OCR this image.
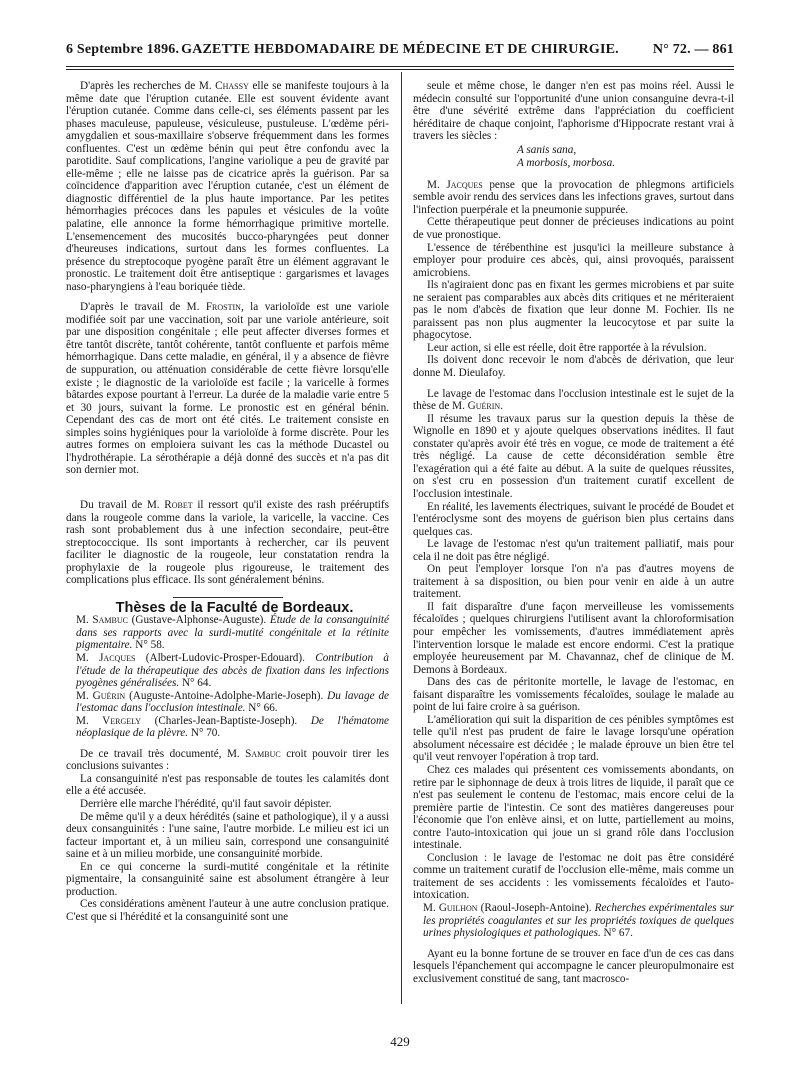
6 Septembre 1896. GAZETTE HEBDOMADAIRE DE MÉDECINE ET DE CHIRURGIE.	N° 72. — 861

D'après les recherches de M. Chassy elle se manifeste toujours à la même date que l'éruption cutanée. Elle est souvent évidente avant l'éruption cutanée. Comme dans celle-ci, ses éléments passent par les phases maculeuse, papuleuse, vésiculeuse, pustuleuse. L'œdème péri-amygdalien et sous-maxillaire s'observe fréquemment dans les formes confluentes. C'est un œdème bénin qui peut être confondu avec la parotidite. Sauf complications, l'angine variolique a peu de gravité par elle-même ; elle ne laisse pas de cicatrice après la guérison. Par sa coïncidence d'apparition avec l'éruption cutanée, c'est un élément de diagnostic différentiel de la plus haute importance. Par les petites hémorrhagies précoces dans les papules et vésicules de la voûte palatine, elle annonce la forme hémorrhagique primitive mortelle. L'ensemencement des mucosités bucco-pharyngées peut donner d'heureuses indications, surtout dans les formes confluentes. La présence du streptocoque pyogène paraît être un élément aggravant le pronostic. Le traitement doit être antiseptique : gargarismes et lavages naso-pharyngiens à l'eau boriquée tiède.

D'après le travail de M. Frostin, la varioloïde est une variole modifiée soit par une vaccination, soit par une variole antérieure, soit par une disposition congénitale ; elle peut affecter diverses formes et être tantôt discrète, tantôt cohérente, tantôt confluente et parfois même hémorrhagique. Dans cette maladie, en général, il y a absence de fièvre de suppuration, ou atténuation considérable de cette fièvre lorsqu'elle existe ; le diagnostic de la varioloïde est facile ; la varicelle à formes bâtardes expose pourtant à l'erreur. La durée de la maladie varie entre 5 et 30 jours, suivant la forme. Le pronostic est en général bénin. Cependant des cas de mort ont été cités. Le traitement consiste en simples soins hygiéniques pour la varioloïde à forme discrète. Pour les autres formes on emploiera suivant les cas la méthode Ducastel ou l'hydrothérapie. La sérothérapie a déjà donné des succès et n'a pas dit son dernier mot.

Du travail de M. Robet il ressort qu'il existe des rash prééruptifs dans la rougeole comme dans la variole, la varicelle, la vaccine. Ces rash sont probablement dus à une infection secondaire, peut-être streptococcique. Ils sont importants à rechercher, car ils peuvent faciliter le diagnostic de la rougeole, leur constatation rendra la prophylaxie de la rougeole plus rigoureuse, le traitement des complications plus efficace. Ils sont généralement bénins.

Thèses de la Faculté de Bordeaux.

M. Sambuc (Gustave-Alphonse-Auguste). Étude de la consanguinité dans ses rapports avec la surdi-mutité congénitale et la rétinite pigmentaire. N° 58.

M. Jacques (Albert-Ludovic-Prosper-Edouard). Contribution à l'étude de la thérapeutique des abcès de fixation dans les infections pyogènes généralisées. N° 64.

M. Guérin (Auguste-Antoine-Adolphe-Marie-Joseph). Du lavage de l'estomac dans l'occlusion intestinale. N° 66.

M. Vergely (Charles-Jean-Baptiste-Joseph). De l'hématome néoplasique de la plèvre. N° 70.

De ce travail très documenté, M. Sambuc croit pouvoir tirer les conclusions suivantes :

La consanguinité n'est pas responsable de toutes les calamités dont elle a été accusée.

Derrière elle marche l'hérédité, qu'il faut savoir dépister.

De même qu'il y a deux hérédités (saine et pathologique), il y a aussi deux consanguinités : l'une saine, l'autre morbide. Le milieu est ici un facteur important et, à un milieu sain, correspond une consanguinité saine et à un milieu morbide, une consanguinité morbide.

En ce qui concerne la surdi-mutité congénitale et la rétinite pigmentaire, la consanguinité saine est absolument étrangère à leur production.

Ces considérations amènent l'auteur à une autre conclusion pratique. C'est que si l'hérédité et la consanguinité sont une

seule et même chose, le danger n'en est pas moins réel. Aussi le médecin consulté sur l'opportunité d'une union consanguine devra-t-il être d'une sévérité extrême dans l'appréciation du coefficient héréditaire de chaque conjoint, l'aphorisme d'Hippocrate restant vrai à travers les siècles :

A sanis sana,

A morbosis, morbosa.

M. Jacques pense que la provocation de phlegmons artificiels semble avoir rendu des services dans les infections graves, surtout dans l'infection puerpérale et la pneumonie suppurée.

Cette thérapeutique peut donner de précieuses indications au point de vue pronostique.

L'essence de térébenthine est jusqu'ici la meilleure substance à employer pour produire ces abcès, qui, ainsi provoqués, paraissent amicrobiens.

Ils n'agiraient donc pas en fixant les germes microbiens et par suite ne seraient pas comparables aux abcès dits critiques et ne mériteraient pas le nom d'abcès de fixation que leur donne M. Fochier. Ils ne paraissent pas non plus augmenter la leucocytose et par suite la phagocytose.

Leur action, si elle est réelle, doit être rapportée à la révulsion.

Ils doivent donc recevoir le nom d'abcès de dérivation, que leur donne M. Dieulafoy.

Le lavage de l'estomac dans l'occlusion intestinale est le sujet de la thèse de M. Guérin.

Il résume les travaux parus sur la question depuis la thèse de Wignolle en 1890 et y ajoute quelques observations inédites. Il faut constater qu'après avoir été très en vogue, ce mode de traitement a été très négligé. La cause de cette déconsidération semble être l'exagération qui a été faite au début. A la suite de quelques réussites, on s'est cru en possession d'un traitement curatif excellent de l'occlusion intestinale.

En réalité, les lavements électriques, suivant le procédé de Boudet et l'entéroclysme sont des moyens de guérison bien plus certains dans quelques cas.

Le lavage de l'estomac n'est qu'un traitement palliatif, mais pour cela il ne doit pas être négligé.

On peut l'employer lorsque l'on n'a pas d'autres moyens de traitement à sa disposition, ou bien pour venir en aide à un autre traitement.

Il fait disparaître d'une façon merveilleuse les vomissements fécaloïdes ; quelques chirurgiens l'utilisent avant la chloroformisation pour empêcher les vomissements, d'autres immédiatement après l'intervention lorsque le malade est encore endormi. C'est la pratique employée heureusement par M. Chavannaz, chef de clinique de M. Demons à Bordeaux.

Dans des cas de péritonite mortelle, le lavage de l'estomac, en faisant disparaître les vomissements fécaloïdes, soulage le malade au point de lui faire croire à sa guérison.

L'amélioration qui suit la disparition de ces pénibles symptômes est telle qu'il n'est pas prudent de faire le lavage lorsqu'une opération absolument nécessaire est décidée ; le malade éprouve un bien être tel qu'il veut renvoyer l'opération à trop tard.

Chez ces malades qui présentent ces vomissements abondants, on retire par le siphonnage de deux à trois litres de liquide, il paraît que ce n'est pas seulement le contenu de l'estomac, mais encore celui de la première partie de l'intestin. Ce sont des matières dangereuses pour l'économie que l'on enlève ainsi, et on lutte, partiellement au moins, contre l'auto-intoxication qui joue un si grand rôle dans l'occlusion intestinale.

Conclusion : le lavage de l'estomac ne doit pas être considéré comme un traitement curatif de l'occlusion elle-même, mais comme un traitement de ses accidents : les vomissements fécaloïdes et l'auto-intoxication.

M. Guilhon (Raoul-Joseph-Antoine). Recherches expérimentales sur les propriétés coagulantes et sur les propriétés toxiques de quelques urines physiologiques et pathologiques. N° 67.

Ayant eu la bonne fortune de se trouver en face d'un de ces cas dans lesquels l'épanchement qui accompagne le cancer pleuropulmonaire est exclusivement constitué de sang, tant macrosco-

429
